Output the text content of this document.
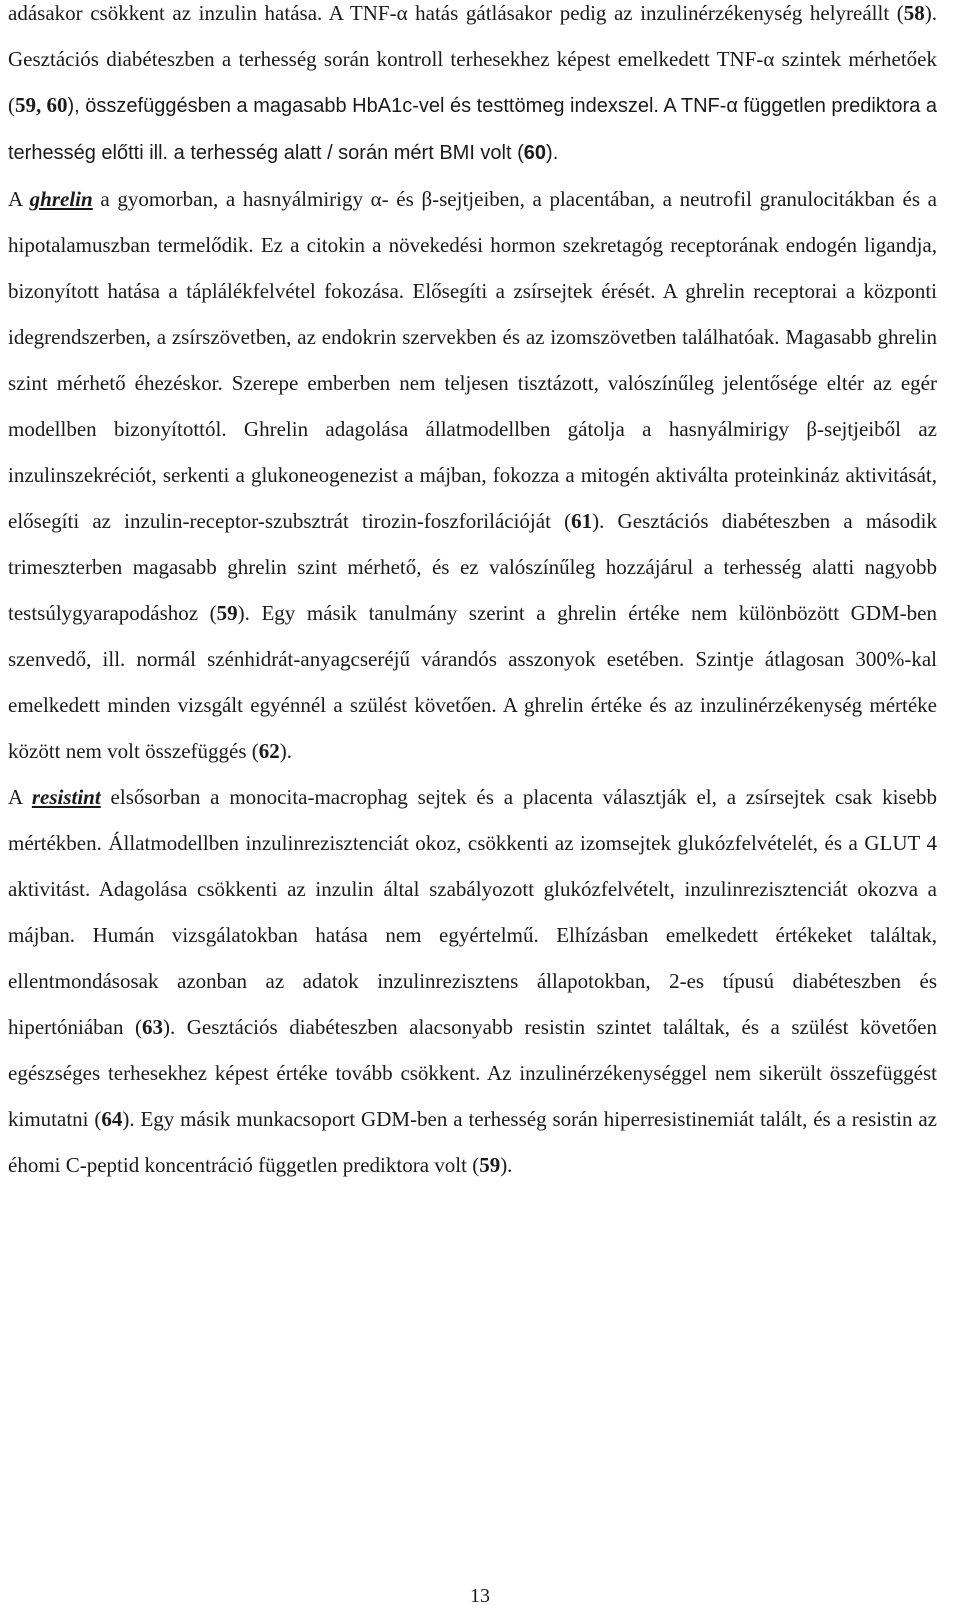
adásakor csökkent az inzulin hatása. A TNF-α hatás gátlásakor pedig az inzulinérzékenység helyreállt (58). Gesztációs diabéteszben a terhesség során kontroll terhesekhez képest emelkedett TNF-α szintek mérhetőek (59, 60), összefüggésben a magasabb HbA1c-vel és testtömeg indexszel. A TNF-α független prediktora a terhesség előtti ill. a terhesség alatt / során mért BMI volt (60).

A ghrelin a gyomorban, a hasnyálmirigy α- és β-sejtjeiben, a placentában, a neutrofil granulocitákban és a hipotalamuszban termelődik. Ez a citokin a növekedési hormon szekretagóg receptorának endogén ligandja, bizonyított hatása a táplálékfelvétel fokozása. Elősegíti a zsírsejtek érését. A ghrelin receptorai a központi idegrendszerben, a zsírszövetben, az endokrin szervekben és az izomszövetben találhatóak. Magasabb ghrelin szint mérhető éhezéskor. Szerepe emberben nem teljesen tisztázott, valószínűleg jelentősége eltér az egér modellben bizonyítottól. Ghrelin adagolása állatmodellben gátolja a hasnyálmirigy β-sejtjeiből az inzulinszekréciót, serkenti a glukoneogenezist a májban, fokozza a mitogén aktiválta proteinkináz aktivitását, elősegíti az inzulin-receptor-szubsztrát tirozin-foszforilációját (61). Gesztációs diabéteszben a második trimeszterben magasabb ghrelin szint mérhető, és ez valószínűleg hozzájárul a terhesség alatti nagyobb testsúlygyarapodáshoz (59). Egy másik tanulmány szerint a ghrelin értéke nem különbözött GDM-ben szenvedő, ill. normál szénhidrát-anyagcseréjű várandós asszonyok esetében. Szintje átlagosan 300%-kal emelkedett minden vizsgált egyénnél a szülést követően. A ghrelin értéke és az inzulinérzékenység mértéke között nem volt összefüggés (62).

A resistint elsősorban a monocita-macrophag sejtek és a placenta választják el, a zsírsejtek csak kisebb mértékben. Állatmodellben inzulinrezisztenciát okoz, csökkenti az izomsejtek glukózfelvételét, és a GLUT 4 aktivitást. Adagolása csökkenti az inzulin által szabályozott glukózfelvételt, inzulinrezisztenciát okozva a májban. Humán vizsgálatokban hatása nem egyértelmű. Elhízásban emelkedett értékeket találtak, ellentmondásosak azonban az adatok inzulinrezisztens állapotokban, 2-es típusú diabéteszben és hipertóniában (63). Gesztációs diabéteszben alacsonyabb resistin szintet találtak, és a szülést követően egészséges terhesekhez képest értéke tovább csökkent. Az inzulinérzékenységgel nem sikerült összefüggést kimutatni (64). Egy másik munkacsoport GDM-ben a terhesség során hiperresistinemiát talált, és a resistin az éhomi C-peptid koncentráció független prediktora volt (59).

13
